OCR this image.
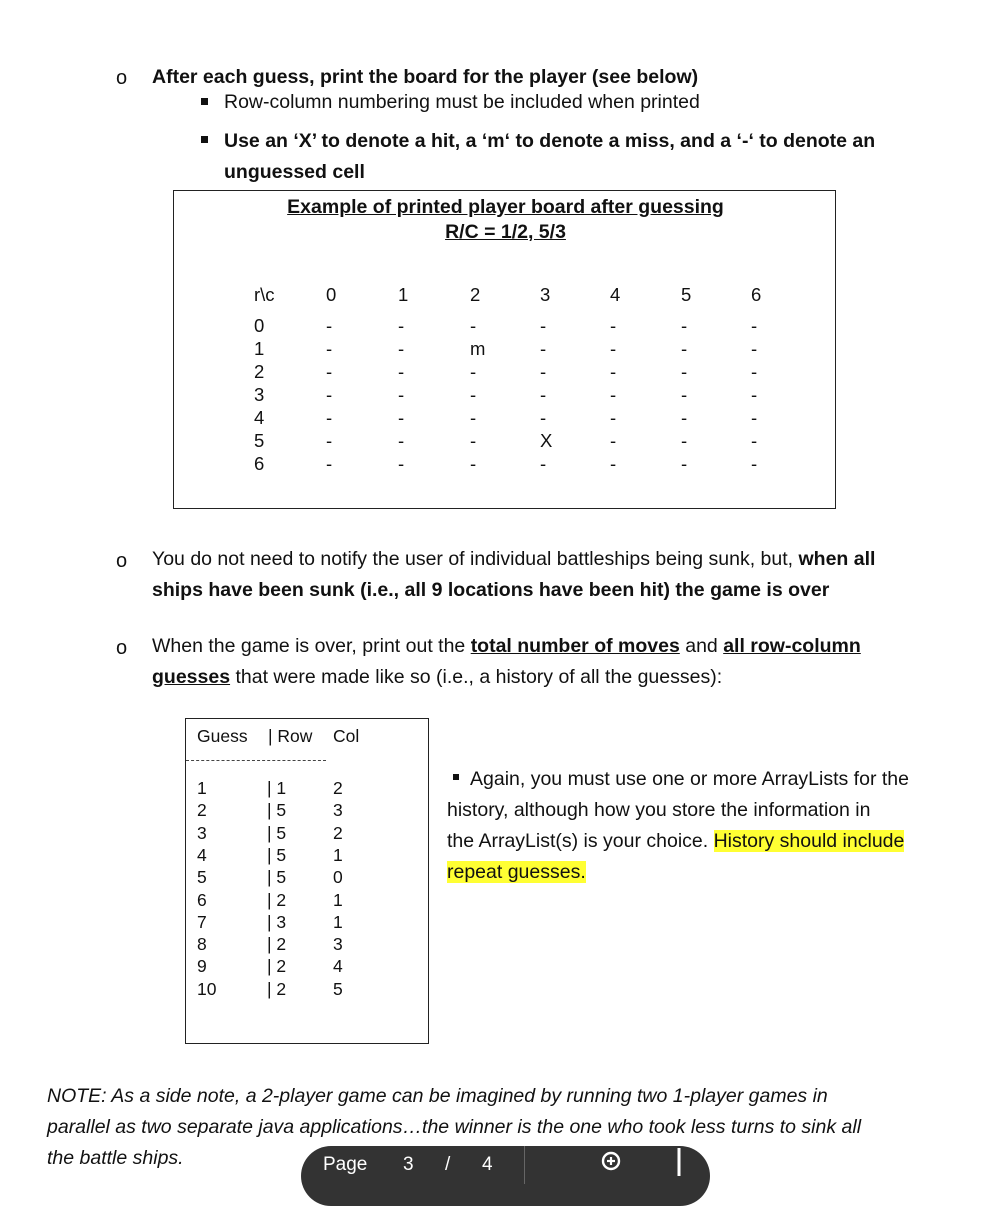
o After each guess, print the board for the player (see below)
Row-column numbering must be included when printed
Use an ‘X’ to denote a hit, a ‘m‘ to denote a miss, and a ‘-‘ to denote an
unguessed cell
Example of printed player board after guessing
R/C = 1/2, 5/3
r\c	0	1	2	3	4	5	6
0	-	-	-	-	-	-	-
1	-	-	m	-	-	-	-
2	-	-	-	-	-	-	-
3	-	-	-	-	-	-	-
4	-	-	-	-	-	-	-
5	-	-	-	X	-	-	-
6	-	-	-	-	-	-	-
o You do not need to notify the user of individual battleships being sunk, but, when all
ships have been sunk (i.e., all 9 locations have been hit) the game is over
o When the game is over, print out the total number of moves and all row-column
guesses that were made like so (i.e., a history of all the guesses):
Guess | Row Col
1	| 1	2
2	| 5	3
3	| 5	2
4	| 5	1
5	| 5	0
6	| 2	1
7	| 3	1
8	| 2	3
9	| 2	4
10	| 2	5
Again, you must use one or more ArrayLists for the
history, although how you store the information in
the ArrayList(s) is your choice. History should include
repeat guesses.
NOTE: As a side note, a 2-player game can be imagined by running two 1-player games in
parallel as two separate java applications…the winner is the one who took less turns to sink all
the battle ships.	Page 3 / 4
